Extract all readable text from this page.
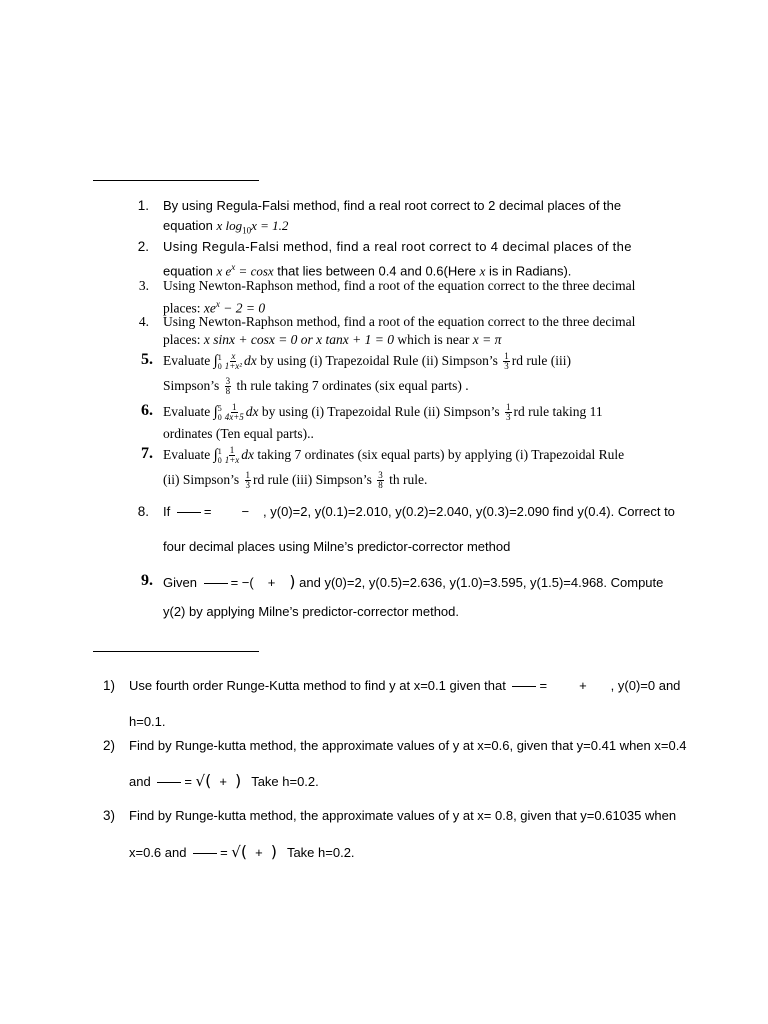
1. By using Regula-Falsi method, find a real root correct to 2 decimal places of the
equation x $\log_{10}x = 1.2$
2. Using Regula-Falsi method, find a real root correct to 4 decimal places of the
equation x $e^x = \cos x$ that lies between 0.4 and 0.6(Here x is in Radians).
3. Using Newton-Raphson method, find a root of the equation correct to the three decimal
places: $xe^x - 2 = 0$
4. Using Newton-Raphson method, find a root of the equation correct to the three decimal
places: x sinx + cosx = 0 or x tanx + 1 = 0 which is near x = π
5. Evaluate ∫ 1
$0 \frac{x}{\text{1+x²}}$ dx by using (i) Trapezoidal Rule (ii) Simpson’s $\frac{1}{3}$ rd rule (iii)
Simpson’s $\frac{3}{8}$ th rule taking 7 ordinates (six equal parts) .
6. Evaluate ∫ 5
$0 \frac{1}{4x+5}$ dx by using (i) Trapezoidal Rule (ii) Simpson’s $\frac{1}{3}$ rd rule taking 11
ordinates (Ten equal parts)..
7. Evaluate ∫ 1
$0 \frac{1}{1+x}$ dx taking 7 ordinates (six equal parts) by applying (i) Trapezoidal Rule
(ii) Simpson’s $\frac{1}{3}$ rd rule (iii) Simpson’s $\frac{3}{8}$ th rule.
8. If = − , y(0)=2, y(0.1)=2.010, y(0.2)=2.040, y(0.3)=2.090 find y(0.4). Correct to
four decimal places using Milne’s predictor-corrector method
9. Given = −( + ) and y(0)=2, y(0.5)=2.636, y(1.0)=3.595, y(1.5)=4.968. Compute
y(2) by applying Milne’s predictor-corrector method.
1) Use fourth order Runge-Kutta method to find y at x=0.1 given that = + , y(0)=0 and
h=0.1.
2) Find by Runge-kutta method, the approximate values of y at x=0.6, given that y=0.41 when x=0.4
and = √( + ) Take h=0.2.
3) Find by Runge-kutta method, the approximate values of y at x= 0.8, given that y=0.61035 when
x=0.6 and = √( + ) Take h=0.2.
